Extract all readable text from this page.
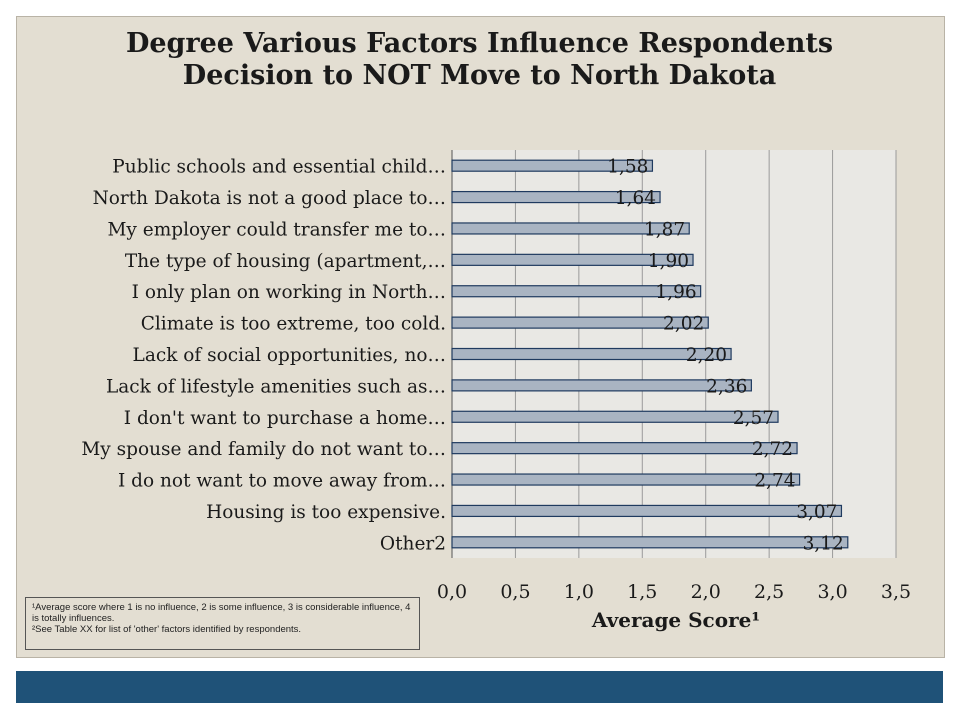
Degree Various Factors Influence Respondents
Decision to NOT Move to North Dakota
0,0 0,5 1,0 1,5 2,0 2,5 3,0 3,5
Public schools and essential child…	1,58
North Dakota is not a good place to…	1,64
My employer could transfer me to…	1,87
The type of housing (apartment,…	1,90
I only plan on working in North…	1,96
Climate is too extreme, too cold.	2,02
Lack of social opportunities, no…	2,20
Lack of lifestyle amenities such as…	2,36
I don't want to purchase a home…	2,57
My spouse and family do not want to…	2,72
I do not want to move away from…	2,74
Housing is too expensive.	3,07
Other2	3,12
Average Score¹
¹Average score where 1 is no influence, 2 is some influence, 3 is considerable influence, 4 is totally influences.
²See Table XX for list of 'other' factors identified by respondents.
